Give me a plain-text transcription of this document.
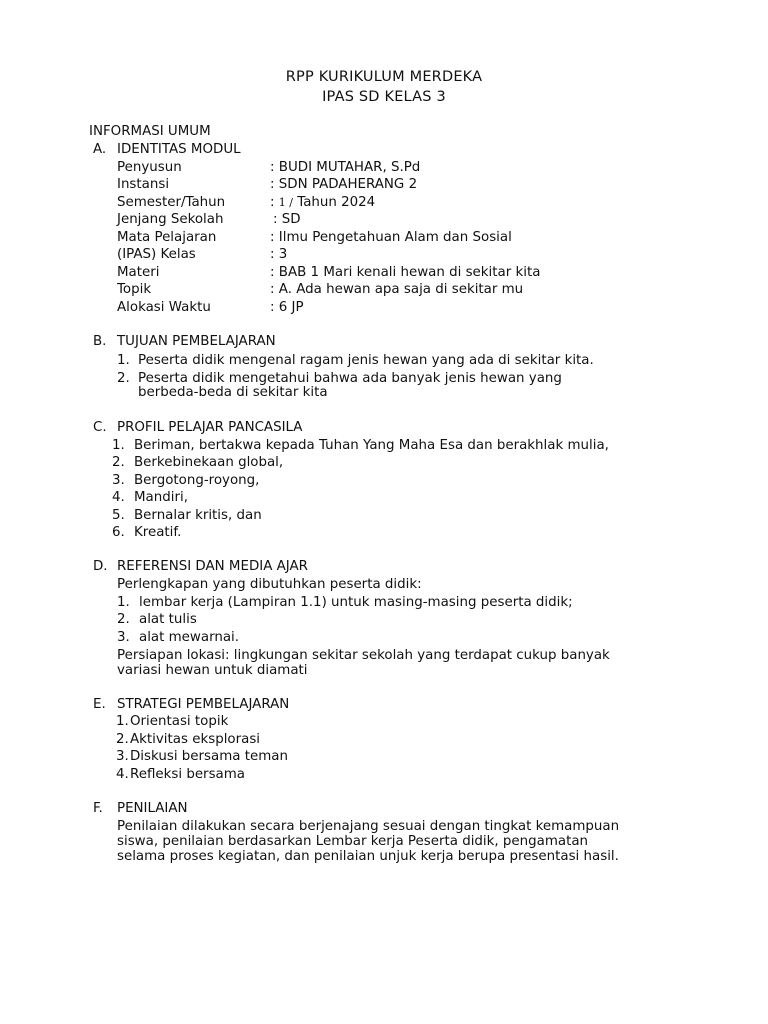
RPP KURIKULUM MERDEKA
IPAS SD KELAS 3
INFORMASI UMUM
A. IDENTITAS MODUL
Penyusun	: BUDI MUTAHAR, S.Pd
Instansi	: SDN PADAHERANG 2
Semester/Tahun	: 1 / Tahun 2024
Jenjang Sekolah	: SD
Mata Pelajaran	: Ilmu Pengetahuan Alam dan Sosial
(IPAS) Kelas	: 3
Materi	: BAB 1 Mari kenali hewan di sekitar kita
Topik	: A. Ada hewan apa saja di sekitar mu
Alokasi Waktu	: 6 JP
B. TUJUAN PEMBELAJARAN
1. Peserta didik mengenal ragam jenis hewan yang ada di sekitar kita.
2. Peserta didik mengetahui bahwa ada banyak jenis hewan yang
berbeda-beda di sekitar kita
C. PROFIL PELAJAR PANCASILA
1. Beriman, bertakwa kepada Tuhan Yang Maha Esa dan berakhlak mulia,
2. Berkebinekaan global,
3. Bergotong-royong,
4. Mandiri,
5. Bernalar kritis, dan
6. Kreatif.
D. REFERENSI DAN MEDIA AJAR
Perlengkapan yang dibutuhkan peserta didik:
1. lembar kerja (Lampiran 1.1) untuk masing-masing peserta didik;
2. alat tulis
3. alat mewarnai.
Persiapan lokasi: lingkungan sekitar sekolah yang terdapat cukup banyak
variasi hewan untuk diamati
E. STRATEGI PEMBELAJARAN
1. Orientasi topik
2. Aktivitas eksplorasi
3. Diskusi bersama teman
4. Refleksi bersama
F. PENILAIAN
Penilaian dilakukan secara berjenajang sesuai dengan tingkat kemampuan
siswa, penilaian berdasarkan Lembar kerja Peserta didik, pengamatan
selama proses kegiatan, dan penilaian unjuk kerja berupa presentasi hasil.
